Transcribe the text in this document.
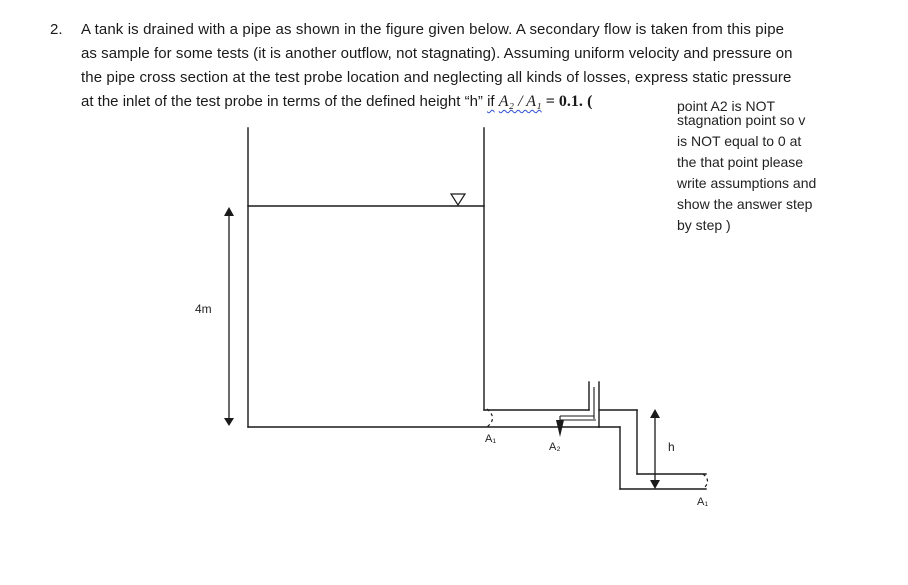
2. A tank is drained with a pipe as shown in the figure given below. A secondary flow is taken from this pipe
as sample for some tests (it is another outflow, not stagnating). Assuming uniform velocity and pressure on
the pipe cross section at the test probe location and neglecting all kinds of losses, express static pressure
at the inlet of the test probe in terms of the defined height “h” if A₂ / A₁ = 0.1. (	point A2 is NOT
stagnation point so v
is NOT equal to 0 at
the that point please
write assumptions and
show the answer step
by step )
4m
A₁
A₂	h
A₁
